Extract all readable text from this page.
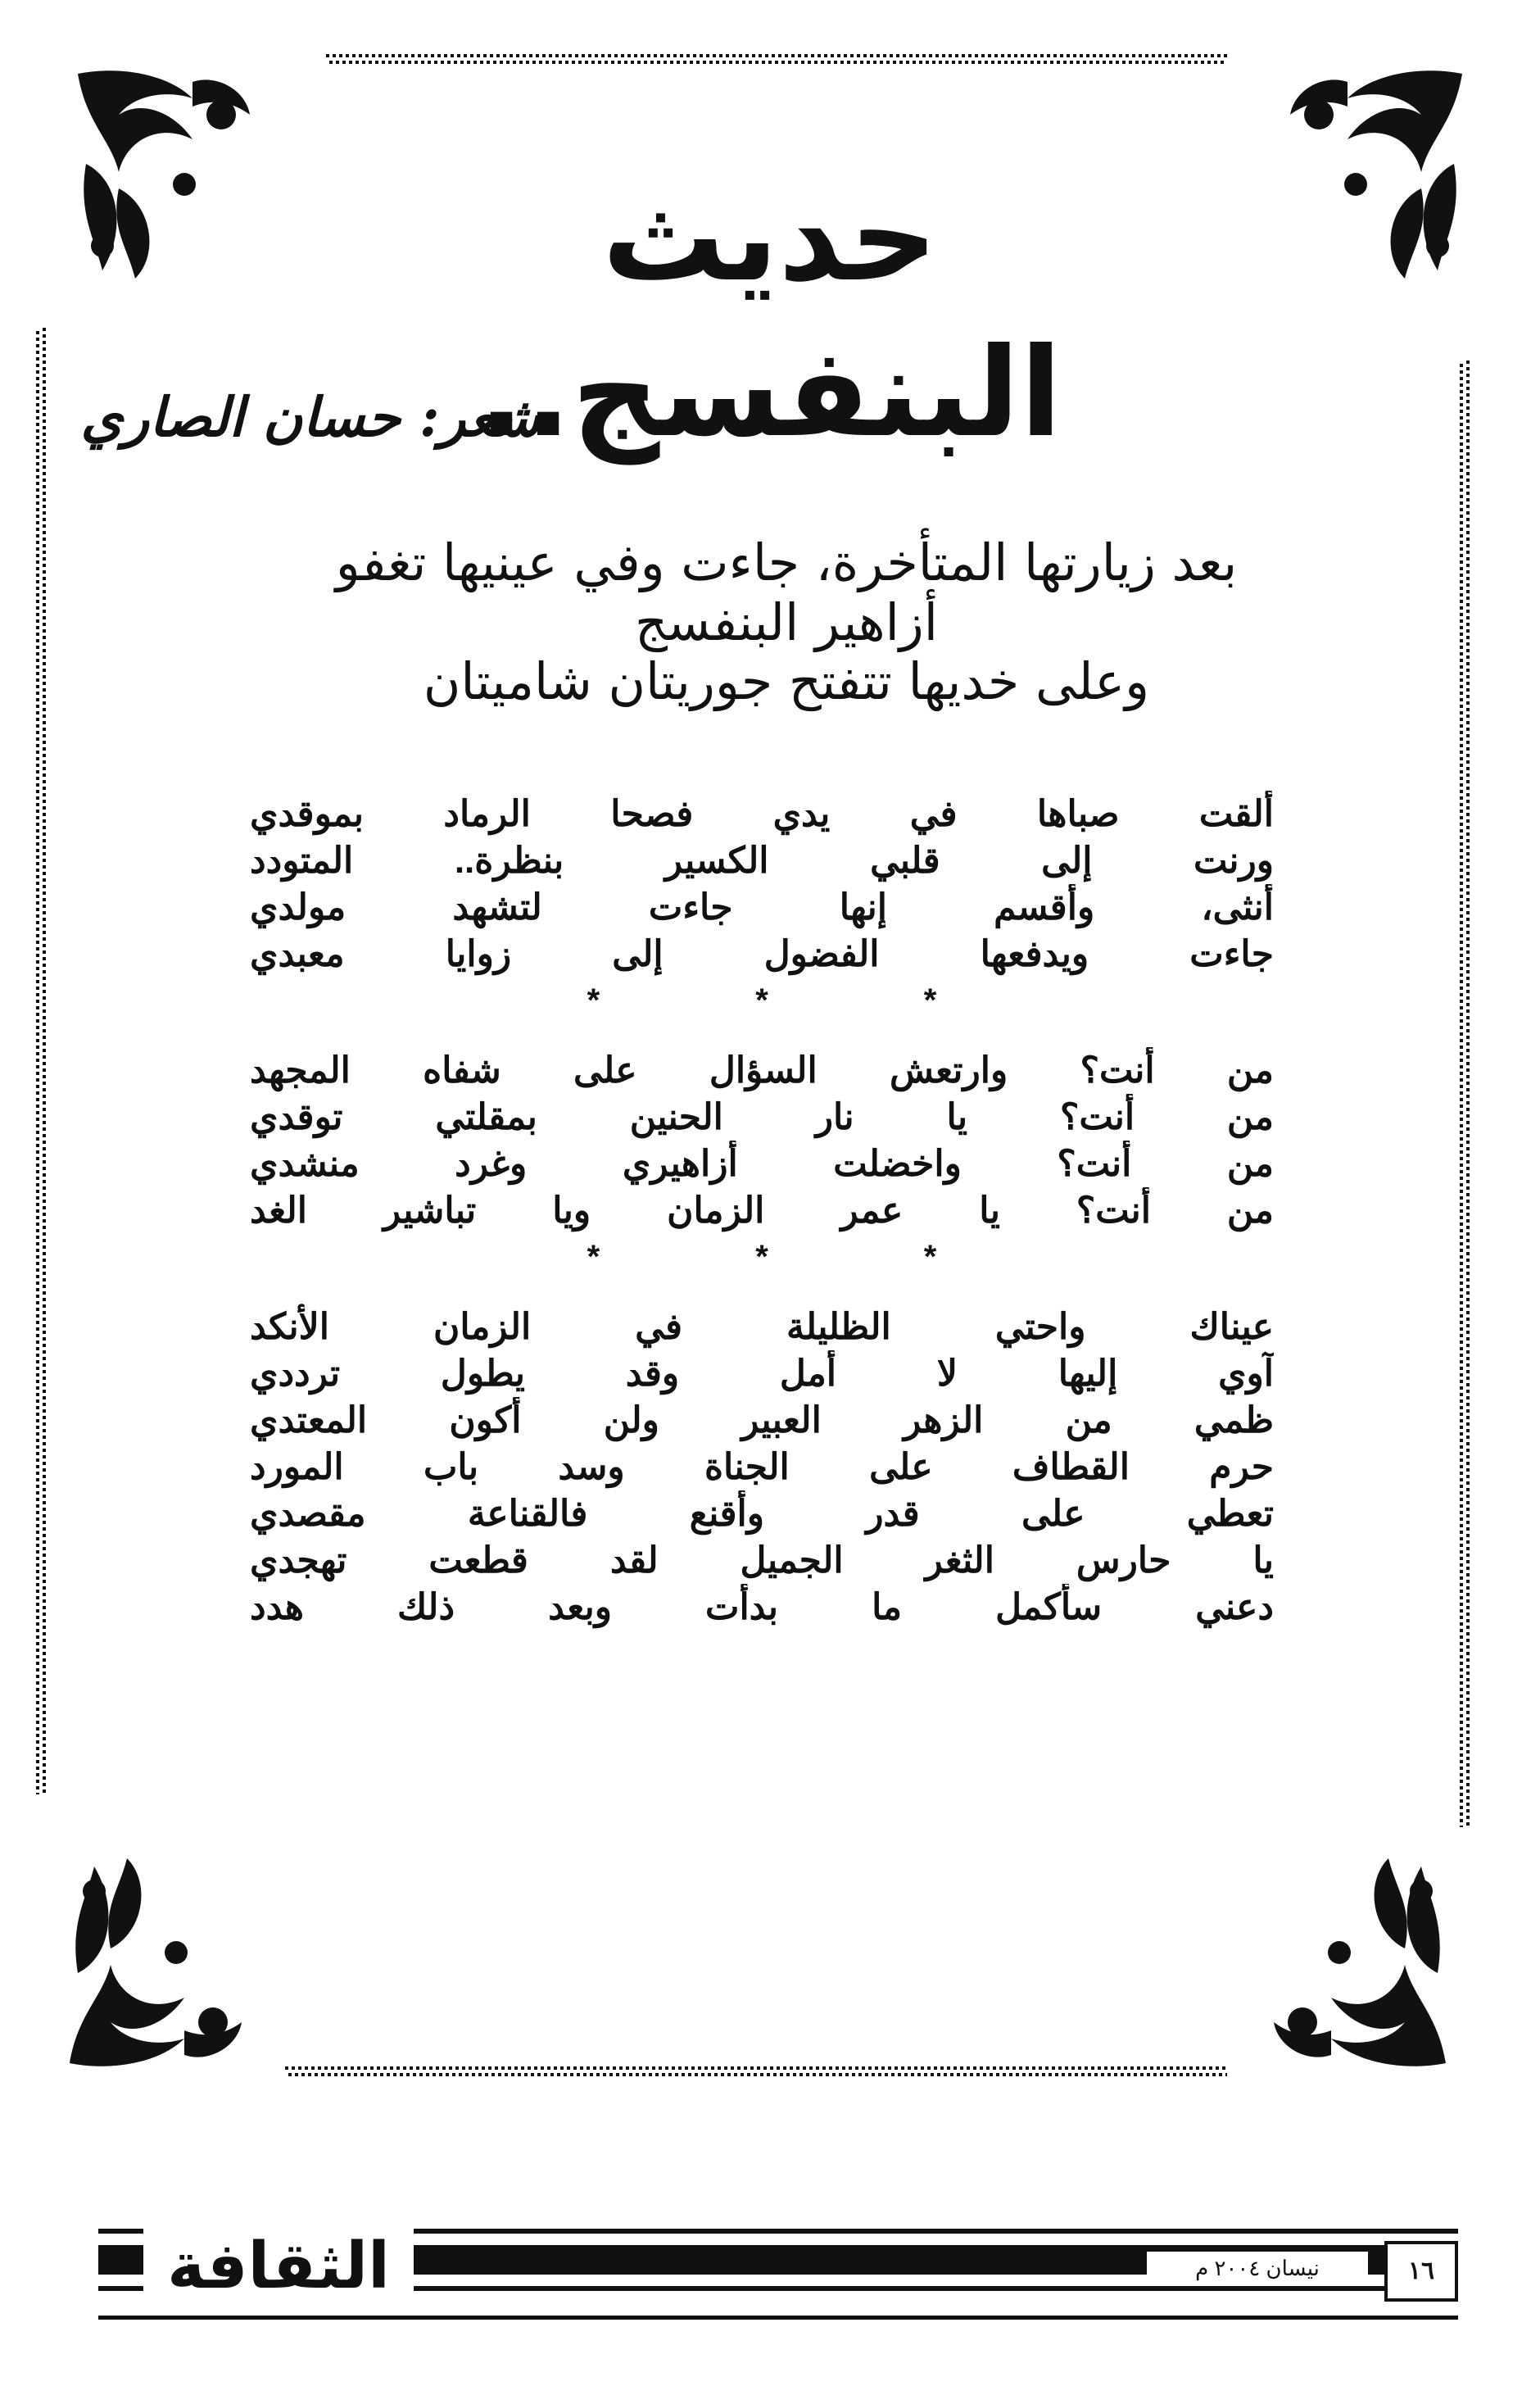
حديث البنفسج..
شعر: حسان الصاري
بعد زيارتها المتأخرة، جاءت وفي عينيها تغفو أزاهير البنفسج
وعلى خديها تتفتح جوريتان شاميتان
ألقت صباها في يدي فصحا الرماد بموقدي
ورنت إلى قلبي الكسير بنظرة.. المتودد
أنثى، وأقسم إنها جاءت لتشهد مولدي
جاءت ويدفعها الفضول إلى زوايا معبدي
*	*	*
من أنت؟ وارتعش السؤال على شفاه المجهد
من أنت؟ يا نار الحنين بمقلتي توقدي
من أنت؟ واخضلت أزاهيري وغرد منشدي
من أنت؟ يا عمر الزمان ويا تباشير الغد
*	*	*
عيناك واحتي الظليلة في الزمان الأنكد
آوي إليها لا أمل وقد يطول ترددي
ظمي من الزهر العبير ولن أكون المعتدي
حرم القطاف على الجناة وسد باب المورد
تعطي على قدر وأقنع فالقناعة مقصدي
يا حارس الثغر الجميل لقد قطعت تهجدي
دعني سأكمل ما بدأت وبعد ذلك هدد
الثقافة	نيسان ٢٠٠٤ م	١٦
